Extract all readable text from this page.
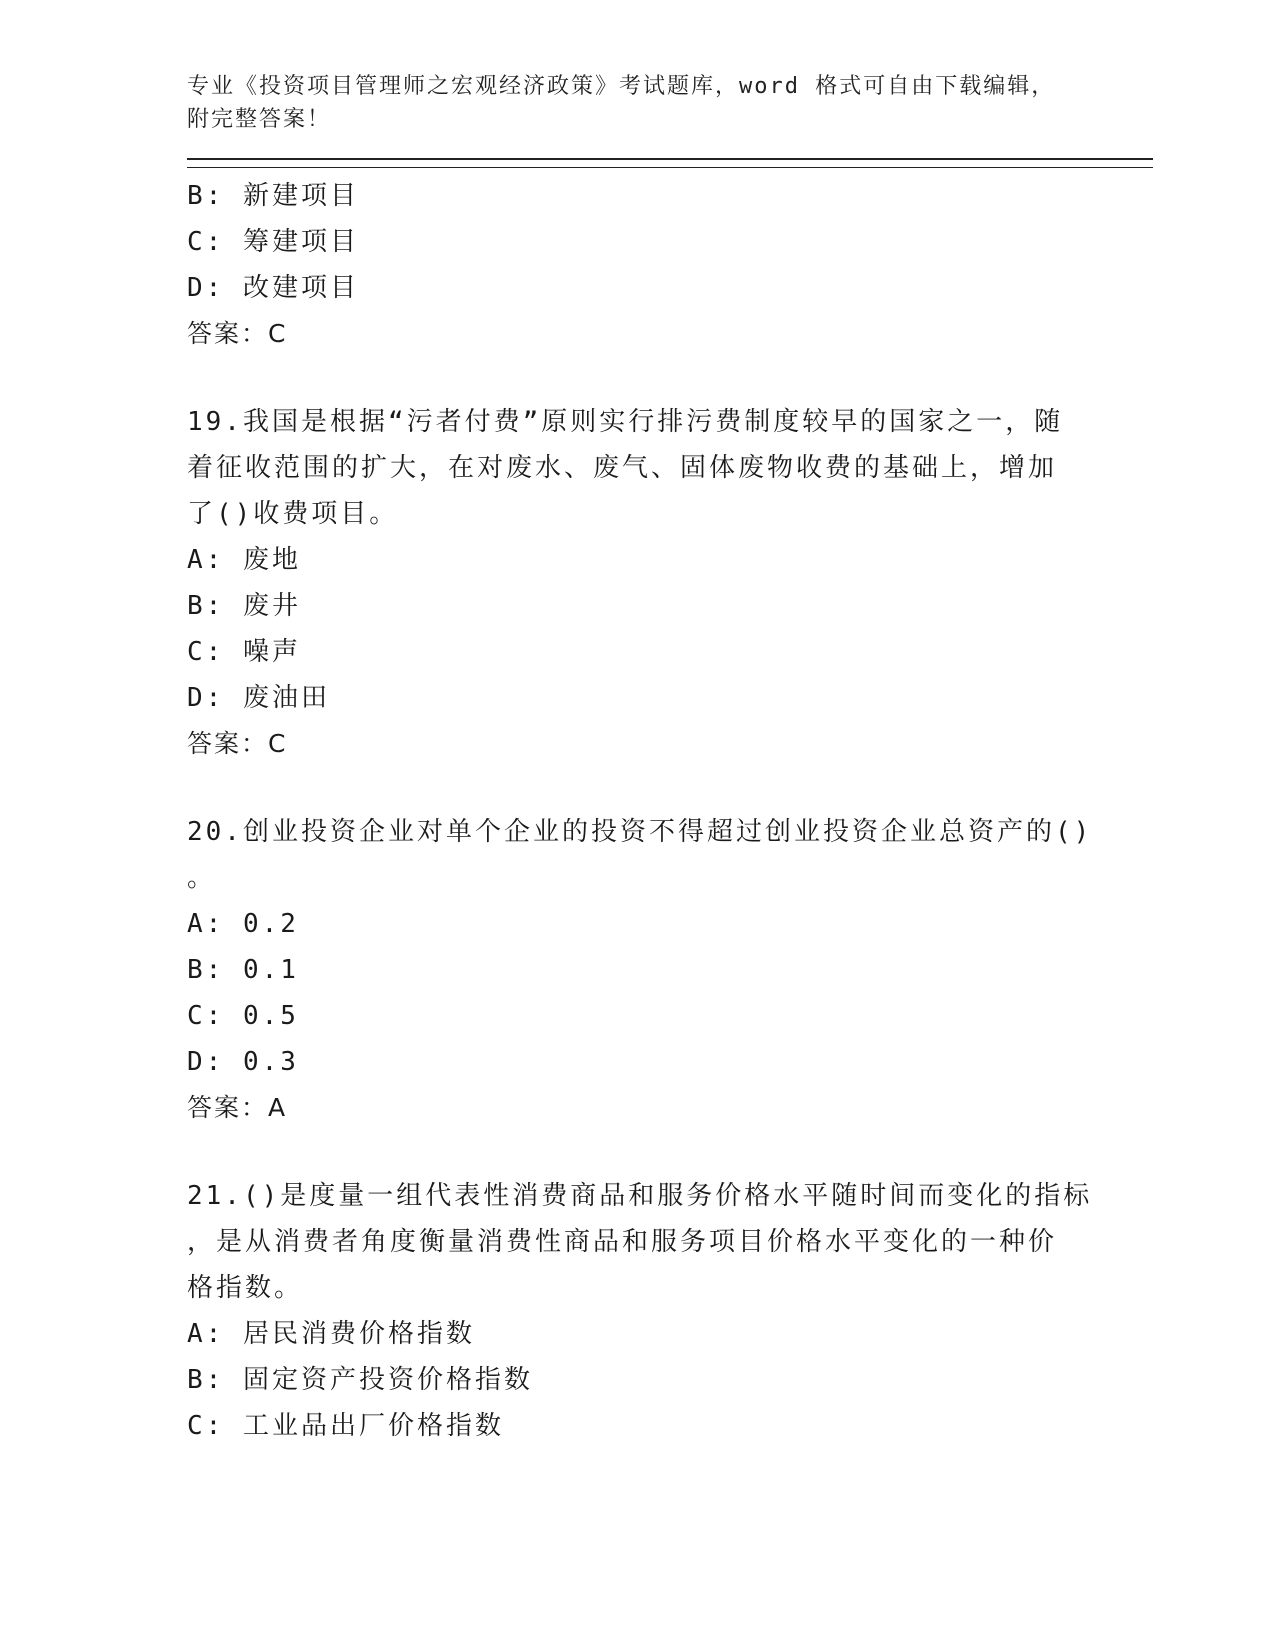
专业《投资项目管理师之宏观经济政策》考试题库，word 格式可自由下载编辑，
附完整答案！
B: 新建项目
C: 筹建项目
D: 改建项目
答案：C
19.我国是根据“污者付费”原则实行排污费制度较早的国家之一，随
着征收范围的扩大，在对废水、废气、固体废物收费的基础上，增加
了()收费项目。
A: 废地
B: 废井
C: 噪声
D: 废油田
答案：C
20.创业投资企业对单个企业的投资不得超过创业投资企业总资产的()
。
A: 0.2
B: 0.1
C: 0.5
D: 0.3
答案：A
21.()是度量一组代表性消费商品和服务价格水平随时间而变化的指标
，是从消费者角度衡量消费性商品和服务项目价格水平变化的一种价
格指数。
A: 居民消费价格指数
B: 固定资产投资价格指数
C: 工业品出厂价格指数
